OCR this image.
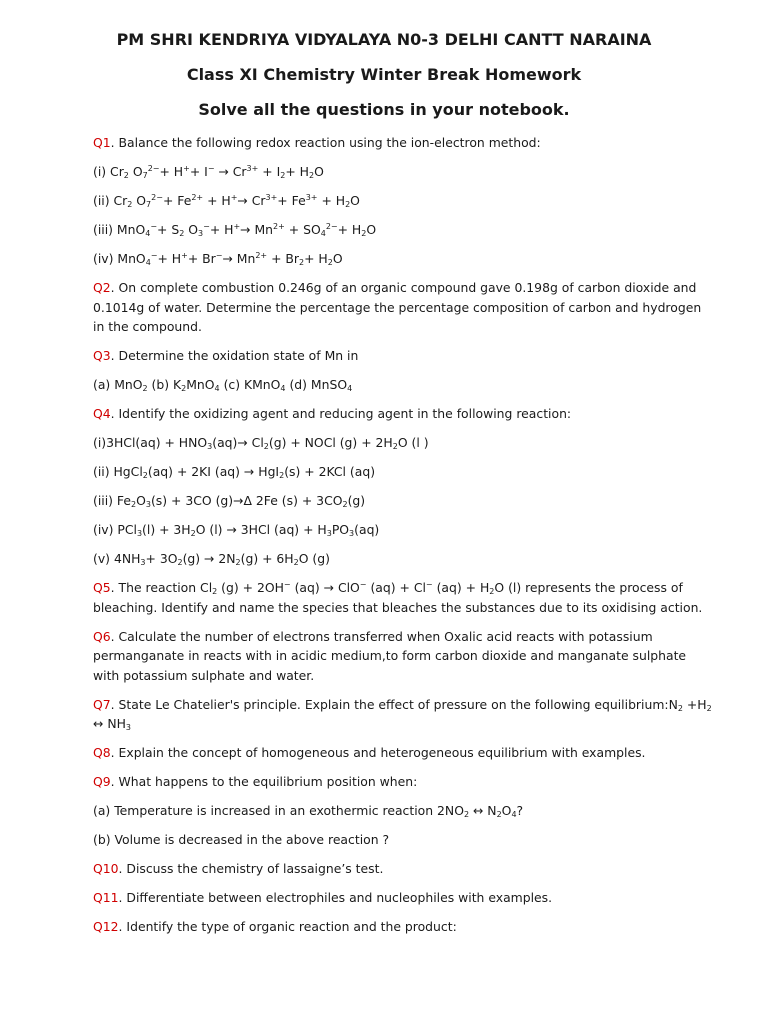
PM SHRI KENDRIYA VIDYALAYA N0-3 DELHI CANTT NARAINA
Class XI Chemistry Winter Break Homework
Solve all the questions in your notebook.
Q1. Balance the following redox reaction using the ion-electron method:
(i) $Cr_2$ $O_7^{2-}+ H^++ I^- \to Cr^{3+} + I_2+ H_2O$
(ii) $Cr_2$ $O_7^{2-}+ Fe^{2+} + H^+\to Cr^{3+}+ Fe^{3+} + H_2O$
(iii) $MnO_4^-+ S_2$ $O_3^-+ H^+\to Mn^{2+} + SO_4^{2-}+ H_2O$
(iv) $MnO_4^-+ H^++ Br^-\to Mn^{2+} + Br_2+ H_2O$
Q2. On complete combustion 0.246g of an organic compound gave 0.198g of carbon dioxide and
0.1014g of water. Determine the percentage the percentage composition of carbon and hydrogen
in the compound.
Q3. Determine the oxidation state of Mn in
(a) MnO$_2$ (b) $K_2MnO_4$ (c) KMnO$_4$ (d) MnSO$_4$
Q4. Identify the oxidizing agent and reducing agent in the following reaction:
$(i)3HCl(aq) + HNO_3(aq)\to Cl_2(g)$ + NOCl $(g) + 2H_2O$ (l )
(ii) HgCl$_2$(aq) + 2KI (aq) → HgI$_2$(s) + 2KCl (aq)
(iii) $Fe_2O_3(s) + 3CO$ (g)→Δ 2Fe $(s) + 3CO_2(g)$
(iv) $PCl_3(l) + 3H_2O$ (l) → 3HCl $(aq) + H_3PO_3(aq)$
(v) $4NH_3+ 3O_2(g) \to 2N_2(g) + 6H_2O$ (g)
Q5. The reaction $Cl_2$ (g) + 2OH− (aq) → ClO− (aq) + Cl− $(aq) + H_2O$ (l) represents the process of
bleaching. Identify and name the species that bleaches the substances due to its oxidising action.
Q6. Calculate the number of electrons transferred when Oxalic acid reacts with potassium
permanganate in reacts with in acidic medium,to form carbon dioxide and manganate sulphate
with potassium sulphate and water.
Q7. State Le Chatelier's principle. Explain the effect of pressure on the following $equilibrium:N_2 +H_2$
↔ $NH_3$
Q8. Explain the concept of homogeneous and heterogeneous equilibrium with examples.
Q9. What happens to the equilibrium position when:
(a) Temperature is increased in an exothermic reaction $2NO_2$ ↔ $N_2O_4$?
(b) Volume is decreased in the above reaction ?
Q10. Discuss the chemistry of lassaigne’s test.
Q11. Differentiate between electrophiles and nucleophiles with examples.
Q12. Identify the type of organic reaction and the product:
